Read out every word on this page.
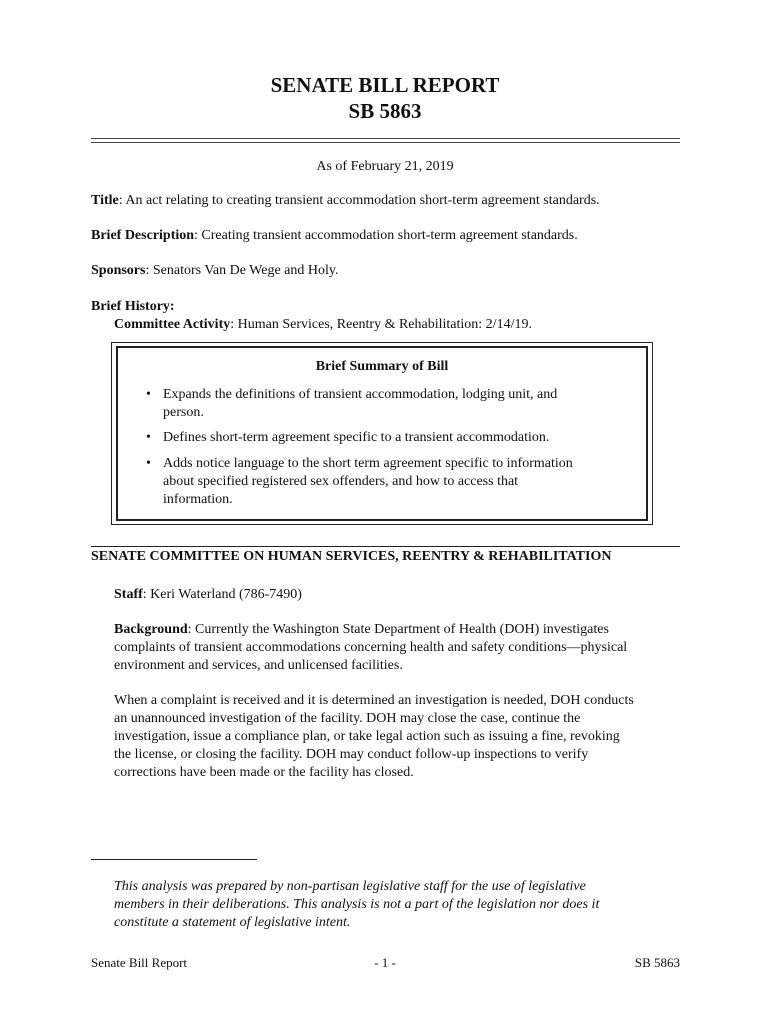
SENATE BILL REPORT
SB 5863
As of February 21, 2019
Title: An act relating to creating transient accommodation short-term agreement standards.
Brief Description: Creating transient accommodation short-term agreement standards.
Sponsors: Senators Van De Wege and Holy.
Brief History:
Committee Activity: Human Services, Reentry & Rehabilitation: 2/14/19.
Brief Summary of Bill
• Expands the definitions of transient accommodation, lodging unit, and
person.
• Defines short-term agreement specific to a transient accommodation.
• Adds notice language to the short term agreement specific to information
about specified registered sex offenders, and how to access that
information.
SENATE COMMITTEE ON HUMAN SERVICES, REENTRY & REHABILITATION
Staff: Keri Waterland (786-7490)
Background: Currently the Washington State Department of Health (DOH) investigates
complaints of transient accommodations concerning health and safety conditions—physical
environment and services, and unlicensed facilities.
When a complaint is received and it is determined an investigation is needed, DOH conducts
an unannounced investigation of the facility. DOH may close the case, continue the
investigation, issue a compliance plan, or take legal action such as issuing a fine, revoking
the license, or closing the facility. DOH may conduct follow-up inspections to verify
corrections have been made or the facility has closed.
This analysis was prepared by non-partisan legislative staff for the use of legislative
members in their deliberations. This analysis is not a part of the legislation nor does it
constitute a statement of legislative intent.
Senate Bill Report	- 1 -	SB 5863
